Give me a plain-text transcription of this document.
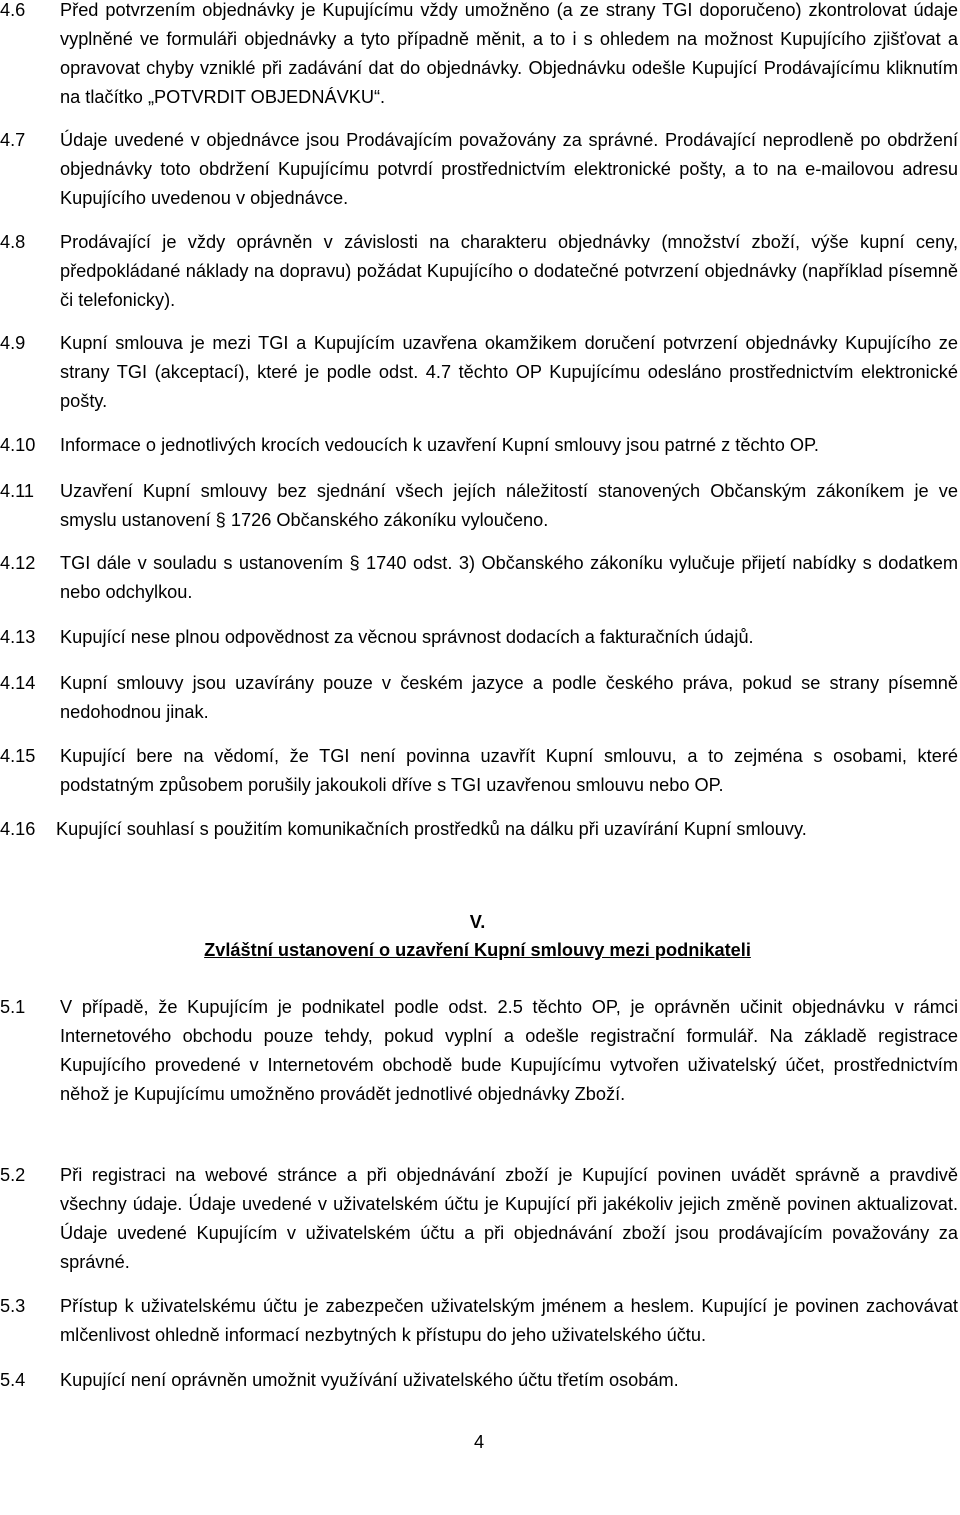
4.6	Před potvrzením objednávky je Kupujícímu vždy umožněno (a ze strany TGI doporučeno) zkontrolovat údaje vyplněné ve formuláři objednávky a tyto případně měnit, a to i s ohledem na možnost Kupujícího zjišťovat a opravovat chyby vzniklé při zadávání dat do objednávky. Objednávku odešle Kupující Prodávajícímu kliknutím na tlačítko „POTVRDIT OBJEDNÁVKU“.
4.7	Údaje uvedené v objednávce jsou Prodávajícím považovány za správné. Prodávající neprodleně po obdržení objednávky toto obdržení Kupujícímu potvrdí prostřednictvím elektronické pošty, a to na e-mailovou adresu Kupujícího uvedenou v objednávce.
4.8	Prodávající je vždy oprávněn v závislosti na charakteru objednávky (množství zboží, výše kupní ceny, předpokládané náklady na dopravu) požádat Kupujícího o dodatečné potvrzení objednávky (například písemně či telefonicky).
4.9	Kupní smlouva je mezi TGI a Kupujícím uzavřena okamžikem doručení potvrzení objednávky Kupujícího ze strany TGI (akceptací), které je podle odst. 4.7 těchto OP Kupujícímu odesláno prostřednictvím elektronické pošty.
4.10	Informace o jednotlivých krocích vedoucích k uzavření Kupní smlouvy jsou patrné z těchto OP.
4.11	Uzavření Kupní smlouvy bez sjednání všech jejích náležitostí stanovených Občanským zákoníkem je ve smyslu ustanovení § 1726 Občanského zákoníku vyloučeno.
4.12	TGI dále v souladu s ustanovením § 1740 odst. 3) Občanského zákoníku vylučuje přijetí nabídky s dodatkem nebo odchylkou.
4.13	Kupující nese plnou odpovědnost za věcnou správnost dodacích a fakturačních údajů.
4.14	Kupní smlouvy jsou uzavírány pouze v českém jazyce a podle českého práva, pokud se strany písemně nedohodnou jinak.
4.15	Kupující bere na vědomí, že TGI není povinna uzavřít Kupní smlouvu, a to zejména s osobami, které podstatným způsobem porušily jakoukoli dříve s TGI uzavřenou smlouvu nebo OP.
4.16	Kupující souhlasí s použitím komunikačních prostředků na dálku při uzavírání Kupní smlouvy.
V.
Zvláštní ustanovení o uzavření Kupní smlouvy mezi podnikateli
5.1	V případě, že Kupujícím je podnikatel podle odst. 2.5 těchto OP, je oprávněn učinit objednávku v rámci Internetového obchodu pouze tehdy, pokud vyplní a odešle registrační formulář. Na základě registrace Kupujícího provedené v Internetovém obchodě bude Kupujícímu vytvořen uživatelský účet, prostřednictvím něhož je Kupujícímu umožněno provádět jednotlivé objednávky Zboží.
5.2	Při registraci na webové stránce a při objednávání zboží je Kupující povinen uvádět správně a pravdivě všechny údaje. Údaje uvedené v uživatelském účtu je Kupující při jakékoliv jejich změně povinen aktualizovat. Údaje uvedené Kupujícím v uživatelském účtu a při objednávání zboží jsou prodávajícím považovány za správné.
5.3	Přístup k uživatelskému účtu je zabezpečen uživatelským jménem a heslem. Kupující je povinen zachovávat mlčenlivost ohledně informací nezbytných k přístupu do jeho uživatelského účtu.
5.4	Kupující není oprávněn umožnit využívání uživatelského účtu třetím osobám.
4
